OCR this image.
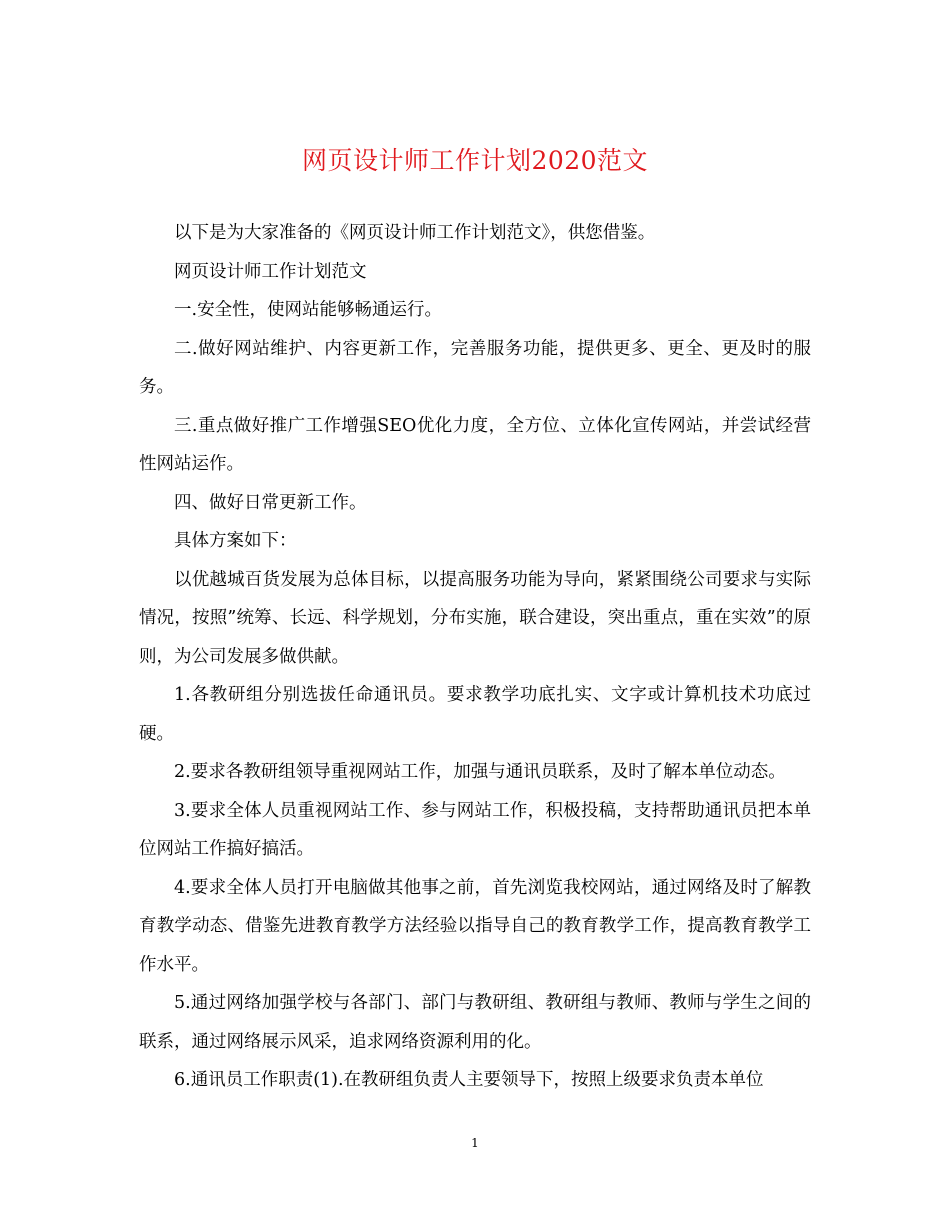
网页设计师工作计划2020范文

以下是为大家准备的《网页设计师工作计划范文》，供您借鉴。

网页设计师工作计划范文

一.安全性，使网站能够畅通运行。

二.做好网站维护、内容更新工作，完善服务功能，提供更多、更全、更及时的服务。

三.重点做好推广工作增强SEO优化力度，全方位、立体化宣传网站，并尝试经营性网站运作。

四、做好日常更新工作。

具体方案如下：

以优越城百货发展为总体目标，以提高服务功能为导向，紧紧围绕公司要求与实际情况，按照”统筹、长远、科学规划，分布实施，联合建设，突出重点，重在实效”的原则，为公司发展多做供献。

1.各教研组分别选拔任命通讯员。要求教学功底扎实、文字或计算机技术功底过硬。

2.要求各教研组领导重视网站工作，加强与通讯员联系，及时了解本单位动态。

3.要求全体人员重视网站工作、参与网站工作，积极投稿，支持帮助通讯员把本单位网站工作搞好搞活。

4.要求全体人员打开电脑做其他事之前，首先浏览我校网站，通过网络及时了解教育教学动态、借鉴先进教育教学方法经验以指导自己的教育教学工作，提高教育教学工作水平。

5.通过网络加强学校与各部门、部门与教研组、教研组与教师、教师与学生之间的联系，通过网络展示风采，追求网络资源利用的化。

6.通讯员工作职责(1).在教研组负责人主要领导下，按照上级要求负责本单位

1
